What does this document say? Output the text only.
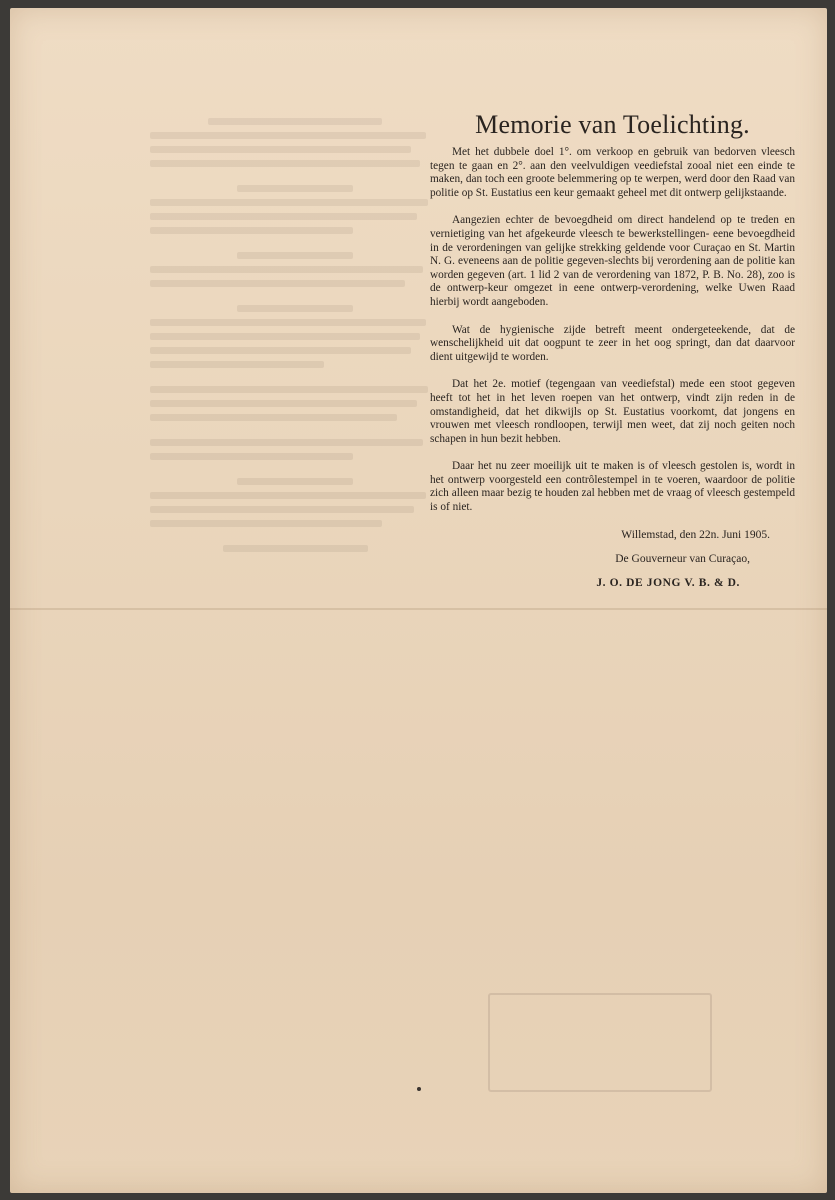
Memorie van Toelichting.

Met het dubbele doel 1°. om verkoop en gebruik van bedorven vleesch tegen te gaan en 2°. aan den veelvuldigen veediefstal zooal niet een einde te maken, dan toch een groote belemmering op te werpen, werd door den Raad van politie op St. Eustatius een keur gemaakt geheel met dit ontwerp gelijkstaande.

Aangezien echter de bevoegdheid om direct handelend op te treden en vernietiging van het afgekeurde vleesch te bewerkstellingen- eene bevoegdheid in de verordeningen van gelijke strekking geldende voor Curaçao en St. Martin N. G. eveneens aan de politie gegeven-slechts bij verordening aan de politie kan worden gegeven (art. 1 lid 2 van de verordening van 1872, P. B. No. 28), zoo is de ontwerp-keur omgezet in eene ontwerp-verordening, welke Uwen Raad hierbij wordt aangeboden.

Wat de hygienische zijde betreft meent ondergeteekende, dat de wenschelijkheid uit dat oogpunt te zeer in het oog springt, dan dat daarvoor dient uitgewijd te worden.

Dat het 2e. motief (tegengaan van veediefstal) mede een stoot gegeven heeft tot het in het leven roepen van het ontwerp, vindt zijn reden in de omstandigheid, dat het dikwijls op St. Eustatius voorkomt, dat jongens en vrouwen met vleesch rondloopen, terwijl men weet, dat zij noch geiten noch schapen in hun bezit hebben.

Daar het nu zeer moeilijk uit te maken is of vleesch gestolen is, wordt in het ontwerp voorgesteld een contrôlestempel in te voeren, waardoor de politie zich alleen maar bezig te houden zal hebben met de vraag of vleesch gestempeld is of niet.

Willemstad, den 22n. Juni 1905.
De Gouverneur van Curaçao,
J. O. DE JONG V. B. & D.
